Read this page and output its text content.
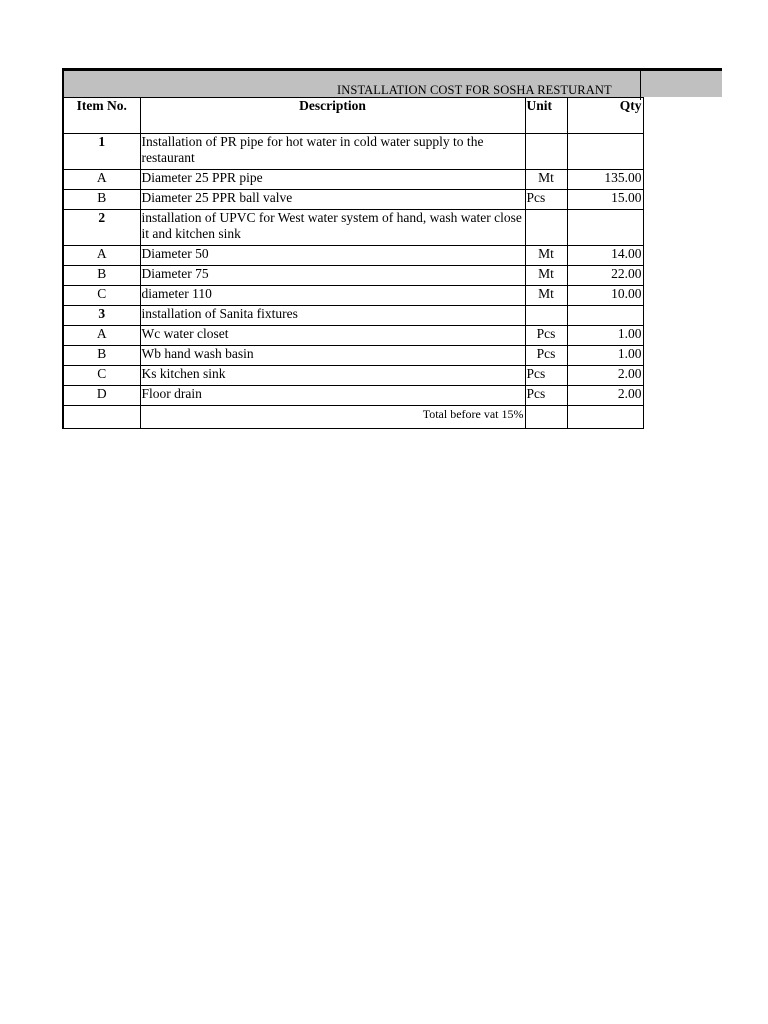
INSTALLATION COST FOR SOSHA RESTURANT
Item No.	Description	Unit	Qty
1	Installation of PR pipe for hot water in cold water supply to the restaurant		
A	Diameter 25 PPR pipe	Mt	135.00
B	Diameter 25 PPR ball valve	Pcs	15.00
2	installation of UPVC for West water system of hand, wash water close it and kitchen sink		
A	Diameter 50	Mt	14.00
B	Diameter 75	Mt	22.00
C	diameter 110	Mt	10.00
3	installation of Sanita fixtures		
A	Wc water closet	Pcs	1.00
B	Wb hand wash basin	Pcs	1.00
C	Ks kitchen sink	Pcs	2.00
D	Floor drain	Pcs	2.00
	Total before vat 15%		
